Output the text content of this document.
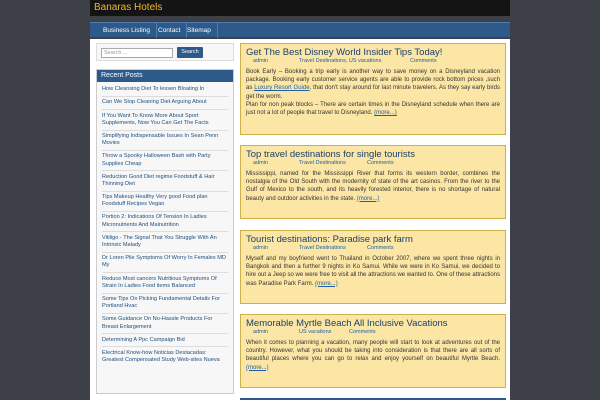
Banaras Hotels
Business Listing	Contact	Sitemap
Search ...	Search
Recent Posts
How Cleansing Diet To lessen Bloating In
Can We Stop Cleaning Diet Arguing About
If You Want To Know More About Sport Supplements, Now You Can Get The Facts
Simplifying Indispensable Issues In Sean Penn Movies
Throw a Spooky Halloween Bash with Party Supplies Cheap
Reduction Good Diet regime Foodstuff & Hair Thinning Diet
Tips Makeup Healthy Very good Food plan Foodstuff Recipes Vegan
Portion 2: Indications Of Tension In Ladies Micronutrients And Malnutrition
Vitiligo - The Signal That You Struggle With An Intrinsic Malady
Dr Loren Pile Symptoms Of Worry In Females MD My
Reduce Most cancers Nutritious Symptoms Of Strain In Ladies Food items Balanced
Some Tips On Picking Fundamental Details For Portland Hvac
Some Guidance On No-Hassle Products For Breast Enlargement
Determining A Ppc Campaign Bid
Electrical Know-how Noticias Destacadas: Greatest Compensated Study Web-sites Nueva
Get The Best Disney World Insider Tips Today!
admin	Travel Destinations, US vacations	Comments
Book Early – Booking a trip early is another way to save money on a Disneyland vacation package. Booking early customer service agents are able to provide rock bottom prices ,such as Luxury Resort Guide, that don't stay around for last minute travelers. As they say early birds get the worm.
Plan for non peak blocks – There are certain times in the Disneyland schedule when there are just not a lot of people that travel to Disneyland. (more...)
Top travel destinations for single tourists
admin	Travel Destinations	Comments
Mississippi, named for the Mississippi River that forms its western border, combines the nostalgia of the Old South with the modernity of state of the art casinos. From the river to the Gulf of Mexico to the south, and its heavily forested interior, there is no shortage of natural beauty and outdoor activities in the state. (more...)
Tourist destinations: Paradise park farm
admin	Travel Destinations	Comments
Myself and my boyfriend went to Thailand in October 2007, where we spent three nights in Bangkok and then a further 9 nights in Ko Samui. While we were in Ko Samui, we decided to hire out a Jeep so we were free to visit all the attractions we wanted to. One of these attractions was Paradise Park Farm. (more...)
Memorable Myrtle Beach All Inclusive Vacations
admin	US vacations	Comments
When it comes to planning a vacation, many people will start to look at adventures out of the country. However, what you should be taking into consideration is that there are all sorts of beautiful places where you can go to relax and enjoy yourself on beautiful Myrtle Beach. (more...)
